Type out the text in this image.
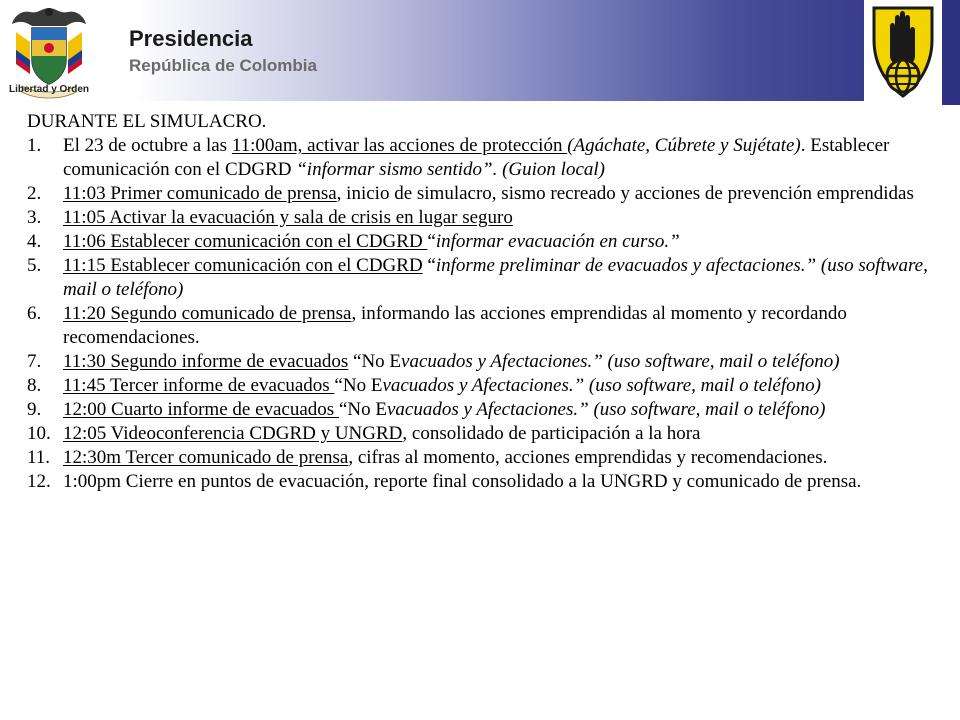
Libertad y Orden
Presidencia
República de Colombia
DURANTE EL SIMULACRO.
1. El 23 de octubre a las 11:00am, activar las acciones de protección (Agáchate, Cúbrete y Sujétate). Establecer comunicación con el CDGRD “informar sismo sentido”. (Guion local)
2. 11:03 Primer comunicado de prensa, inicio de simulacro, sismo recreado y acciones de prevención emprendidas
3. 11:05 Activar la evacuación y sala de crisis en lugar seguro
4. 11:06 Establecer comunicación con el CDGRD “informar evacuación en curso.”
5. 11:15 Establecer comunicación con el CDGRD “informe preliminar de evacuados y afectaciones.” (uso software, mail o teléfono)
6. 11:20 Segundo comunicado de prensa, informando las acciones emprendidas al momento y recordando recomendaciones.
7. 11:30 Segundo informe de evacuados “No Evacuados y Afectaciones.” (uso software, mail o teléfono)
8. 11:45 Tercer informe de evacuados “No Evacuados y Afectaciones.” (uso software, mail o teléfono)
9. 12:00 Cuarto informe de evacuados “No Evacuados y Afectaciones.” (uso software, mail o teléfono)
10. 12:05 Videoconferencia CDGRD y UNGRD, consolidado de participación a la hora
11. 12:30m Tercer comunicado de prensa, cifras al momento, acciones emprendidas y recomendaciones.
12. 1:00pm Cierre en puntos de evacuación, reporte final consolidado a la UNGRD y comunicado de prensa.
